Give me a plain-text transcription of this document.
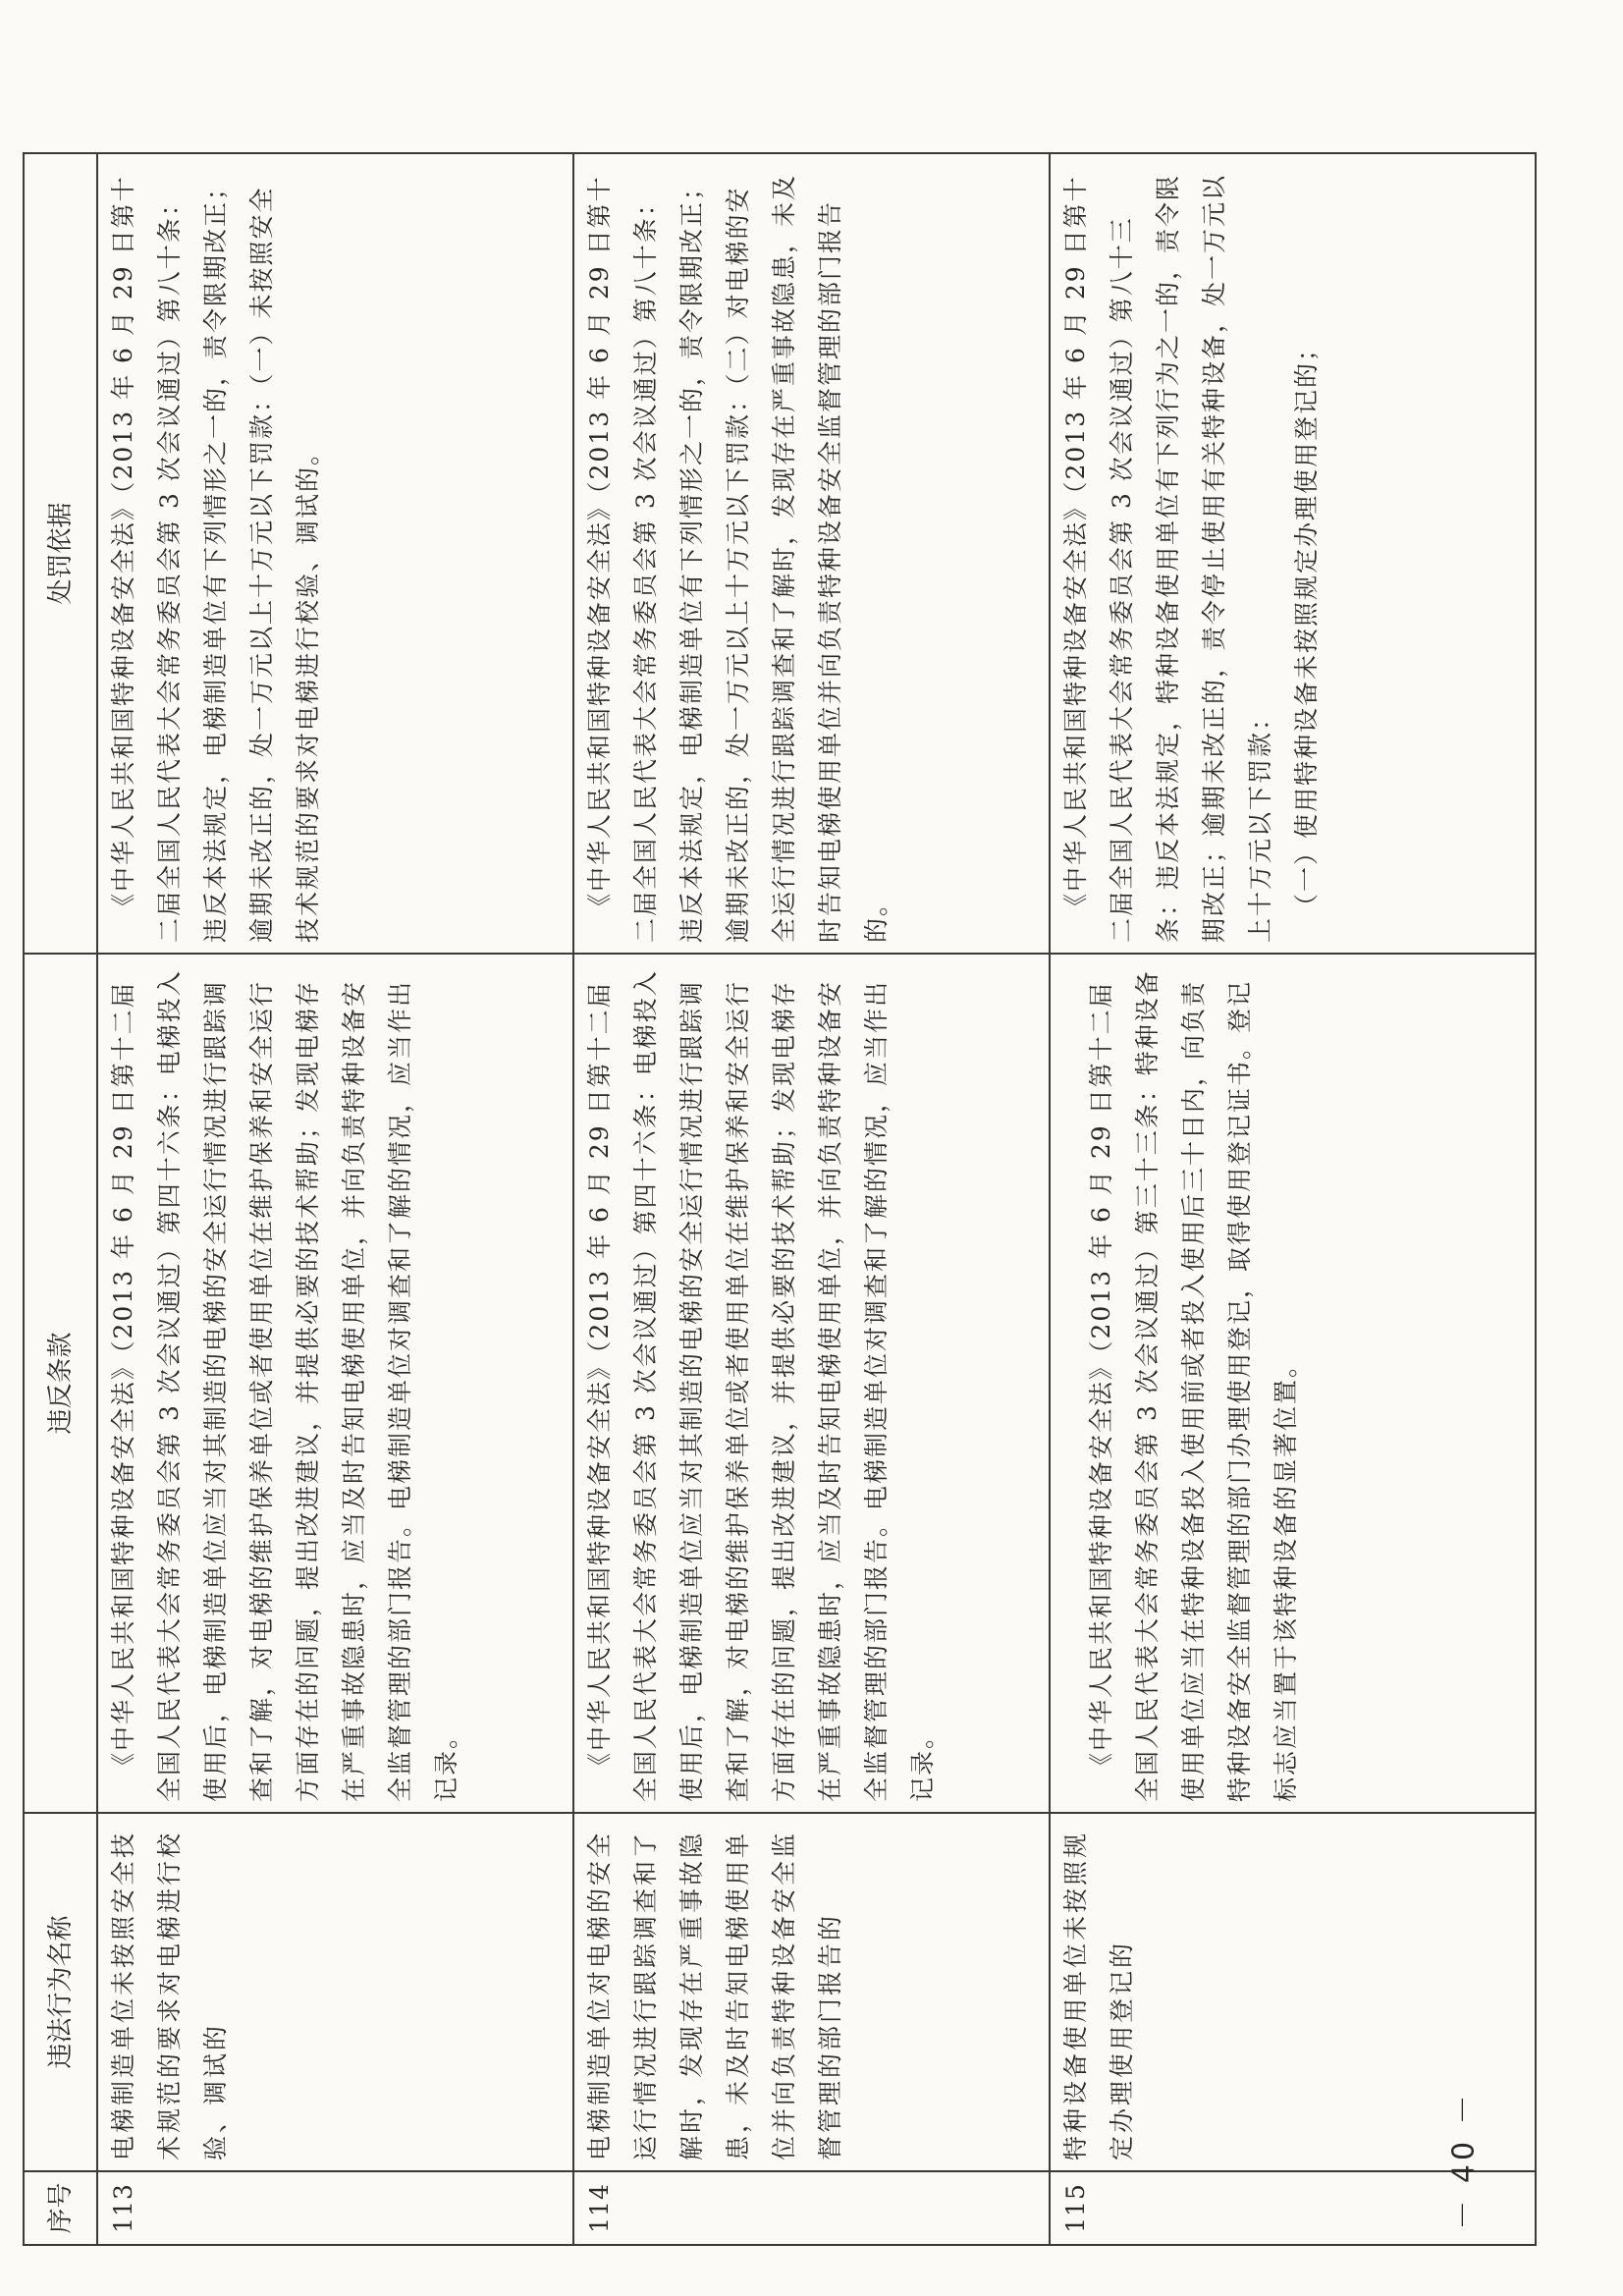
序号	违法行为名称	违反条款	处罚依据
113	电梯制造单位未按照安全技术规范的要求对电梯进行校验、调试的	《中华人民共和国特种设备安全法》（2013 年 6 月 29 日第十二届全国人民代表大会常务委员会第 3 次会议通过）第四十六条：电梯投入使用后，电梯制造单位应当对其制造的电梯的安全运行情况进行跟踪调查和了解，对电梯的维护保养单位或者使用单位在维护保养和安全运行方面存在的问题，提出改进建议，并提供必要的技术帮助；发现电梯存在严重事故隐患时，应当及时告知电梯使用单位，并向负责特种设备安全监督管理的部门报告。电梯制造单位对调查和了解的情况，应当作出记录。	《中华人民共和国特种设备安全法》（2013 年 6 月 29 日第十二届全国人民代表大会常务委员会第 3 次会议通过）第八十条：违反本法规定，电梯制造单位有下列情形之一的，责令限期改正；逾期未改正的，处一万元以上十万元以下罚款：（一）未按照安全技术规范的要求对电梯进行校验、调试的。

114	电梯制造单位对电梯的安全运行情况进行跟踪调查和了解时，发现存在严重事故隐患，未及时告知电梯使用单位并向负责特种设备安全监督管理的部门报告的	《中华人民共和国特种设备安全法》（2013 年 6 月 29 日第十二届全国人民代表大会常务委员会第 3 次会议通过）第四十六条：电梯投入使用后，电梯制造单位应当对其制造的电梯的安全运行情况进行跟踪调查和了解，对电梯的维护保养单位或者使用单位在维护保养和安全运行方面存在的问题，提出改进建议，并提供必要的技术帮助；发现电梯存在严重事故隐患时，应当及时告知电梯使用单位，并向负责特种设备安全监督管理的部门报告。电梯制造单位对调查和了解的情况，应当作出记录。	《中华人民共和国特种设备安全法》（2013 年 6 月 29 日第十二届全国人民代表大会常务委员会第 3 次会议通过）第八十条：违反本法规定，电梯制造单位有下列情形之一的，责令限期改正；逾期未改正的，处一万元以上十万元以下罚款：（二）对电梯的安全运行情况进行跟踪调查和了解时，发现存在严重事故隐患，未及时告知电梯使用单位并向负责特种设备安全监督管理的部门报告的。

115	特种设备使用单位未按照规定办理使用登记的	《中华人民共和国特种设备安全法》（2013 年 6 月 29 日第十二届全国人民代表大会常务委员会第 3 次会议通过）第三十三条：特种设备使用单位应当在特种设备投入使用前或者投入使用后三十日内，向负责特种设备安全监督管理的部门办理使用登记，取得使用登记证书。登记标志应当置于该特种设备的显著位置。	《中华人民共和国特种设备安全法》（2013 年 6 月 29 日第十二届全国人民代表大会常务委员会第 3 次会议通过）第八十三条：违反本法规定，特种设备使用单位有下列行为之一的，责令限期改正；逾期未改正的，责令停止使用有关特种设备，处一万元以上十万元以下罚款： （一）使用特种设备未按照规定办理使用登记的；

－ 40 －
